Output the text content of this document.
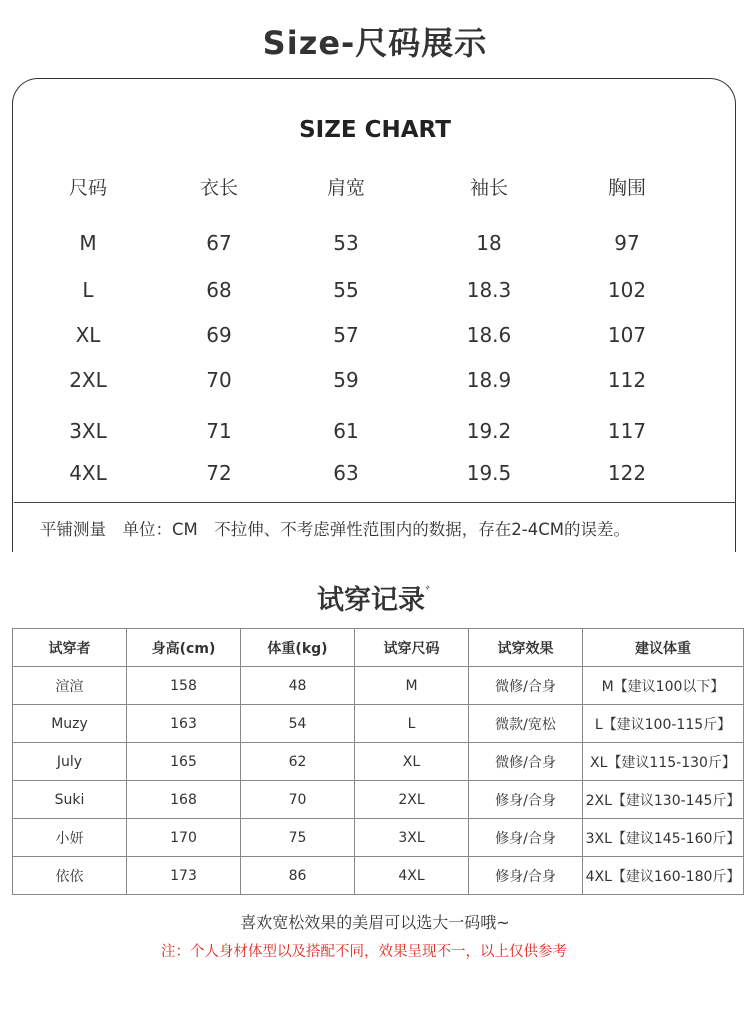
Size-尺码展示
SIZE CHART
尺码	衣长	肩宽	袖长	胸围
M	67	53	18	97
L	68	55	18.3	102
XL	69	57	18.6	107
2XL	70	59	18.9	112
3XL	71	61	19.2	117
4XL	72	63	19.5	122
平铺测量　单位：CM　不拉伸、不考虑弹性范围内的数据，存在2-4CM的误差。
试穿记录$^ﾞ$
试穿者	身高(cm)	体重(kg)	试穿尺码	试穿效果	建议体重
渲渲	158	48	M	微修/合身	M【建议100以下】
Muzy	163	54	L	微款/宽松	L【建议100-115斤】
July	165	62	XL	微修/合身	XL【建议115-130斤】
Suki	168	70	2XL	修身/合身	2XL【建议130-145斤】
小妍	170	75	3XL	修身/合身	3XL【建议145-160斤】
依依	173	86	4XL	修身/合身	4XL【建议160-180斤】
喜欢宽松效果的美眉可以选大一码哦~
注：个人身材体型以及搭配不同，效果呈现不一，以上仅供参考
